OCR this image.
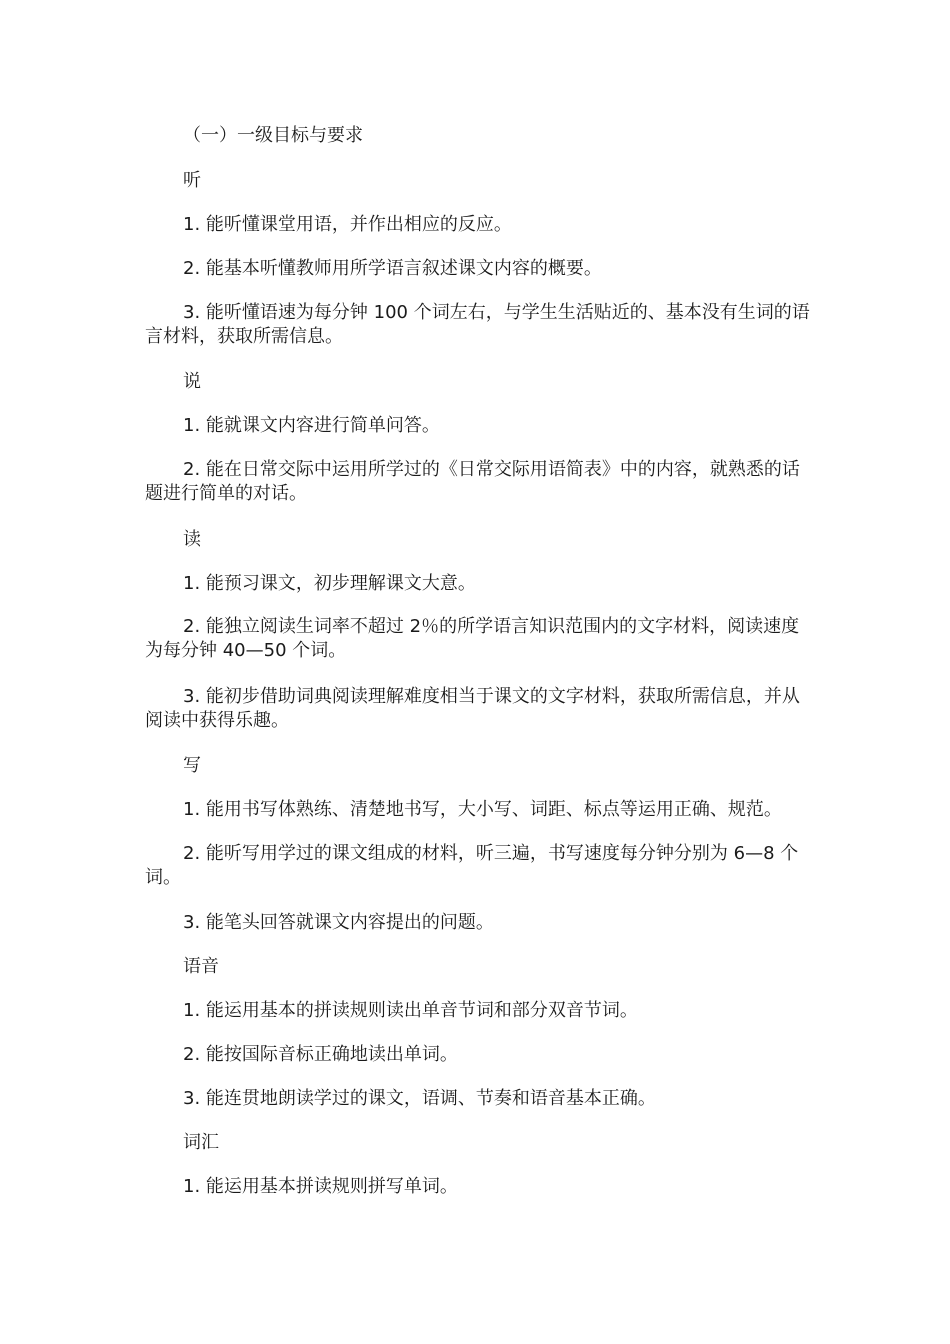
（一）一级目标与要求

听

1. 能听懂课堂用语，并作出相应的反应。

2. 能基本听懂教师用所学语言叙述课文内容的概要。

3. 能听懂语速为每分钟 100 个词左右，与学生生活贴近的、基本没有生词的语言材料，获取所需信息。

说

1. 能就课文内容进行简单问答。

2. 能在日常交际中运用所学过的《日常交际用语简表》中的内容，就熟悉的话题进行简单的对话。

读

1. 能预习课文，初步理解课文大意。

2. 能独立阅读生词率不超过 2％的所学语言知识范围内的文字材料，阅读速度为每分钟 40—50 个词。

3. 能初步借助词典阅读理解难度相当于课文的文字材料，获取所需信息，并从阅读中获得乐趣。

写

1. 能用书写体熟练、清楚地书写，大小写、词距、标点等运用正确、规范。

2. 能听写用学过的课文组成的材料，听三遍，书写速度每分钟分别为 6—8 个词。

3. 能笔头回答就课文内容提出的问题。

语音

1. 能运用基本的拼读规则读出单音节词和部分双音节词。

2. 能按国际音标正确地读出单词。

3. 能连贯地朗读学过的课文，语调、节奏和语音基本正确。

词汇

1. 能运用基本拼读规则拼写单词。
